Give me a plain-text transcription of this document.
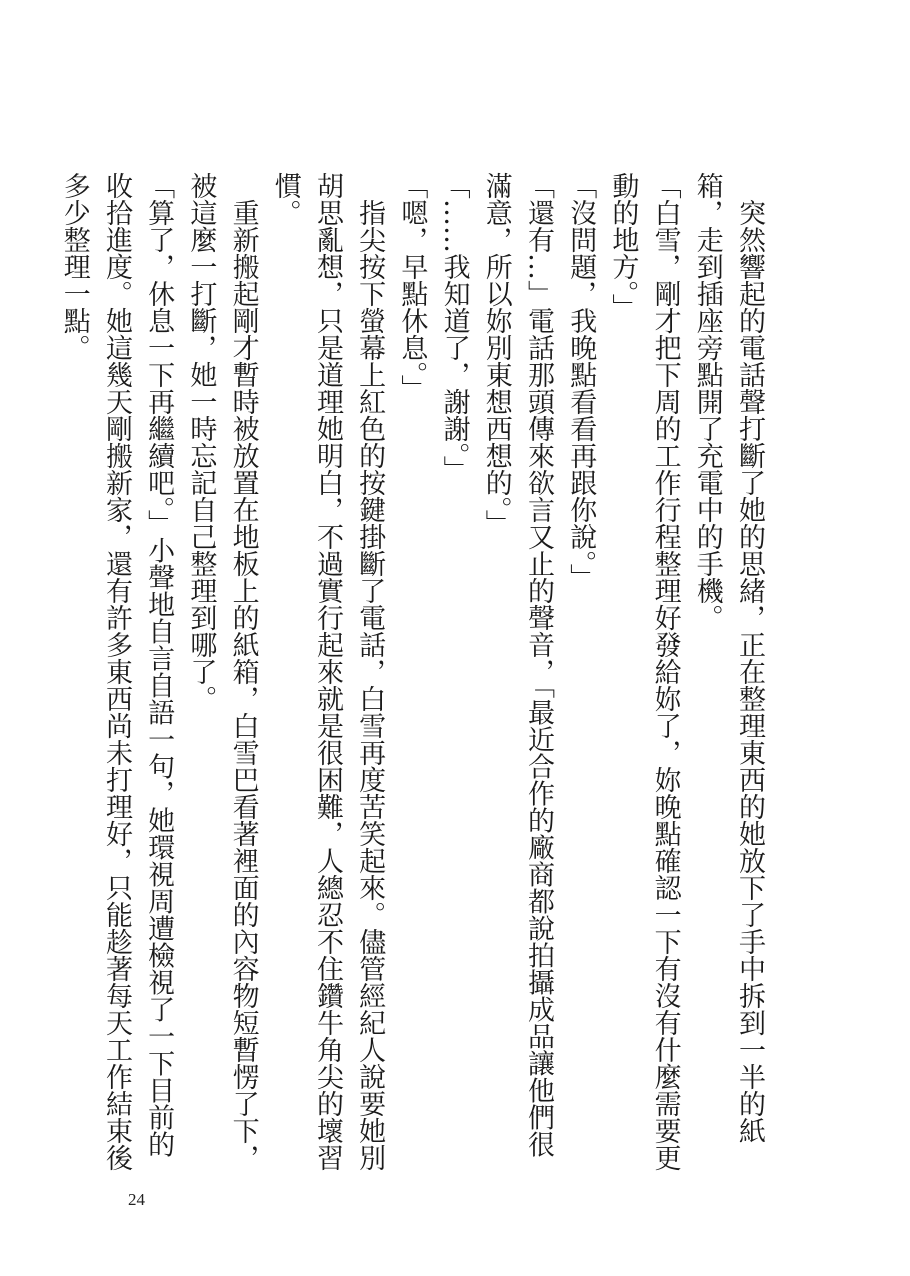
　突然響起的電話聲打斷了她的思緒，正在整理東西的她放下了手中拆到一半的紙箱，走到插座旁點開了充電中的手機。

「白雪，剛才把下周的工作行程整理好發給妳了，妳晚點確認一下有沒有什麼需要更動的地方。」

「沒問題，我晚點看看再跟你說。」

「還有…」電話那頭傳來欲言又止的聲音，「最近合作的廠商都說拍攝成品讓他們很滿意，所以妳別東想西想的。」

「……我知道了，謝謝。」

「嗯，早點休息。」

　指尖按下螢幕上紅色的按鍵掛斷了電話，白雪再度苦笑起來。儘管經紀人說要她別胡思亂想，只是道理她明白，不過實行起來就是很困難，人總忍不住鑽牛角尖的壞習慣。

　重新搬起剛才暫時被放置在地板上的紙箱，白雪巴看著裡面的內容物短暫愣了下，被這麼一打斷，她一時忘記自己整理到哪了。

「算了，休息一下再繼續吧。」小聲地自言自語一句，她環視周遭檢視了一下目前的收拾進度。她這幾天剛搬新家，還有許多東西尚未打理好，只能趁著每天工作結束後多少整理一點。

24
